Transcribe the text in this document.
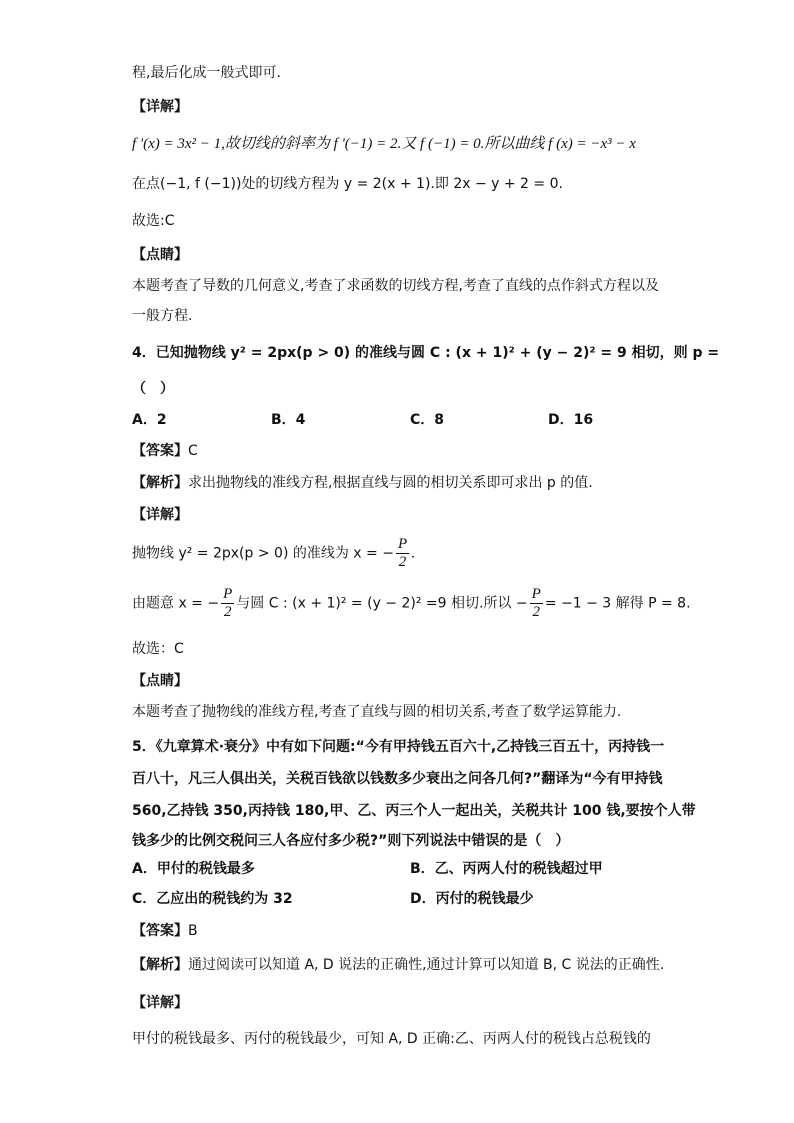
程,最后化成一般式即可.
【详解】
f '(x) = 3x² − 1,故切线的斜率为 f '(−1) = 2.又 f (−1) = 0.所以曲线 f (x) = −x³ − x
在点(−1, f (−1))处的切线方程为 y = 2(x + 1).即 2x − y + 2 = 0.
故选:C
【点睛】
本题考查了导数的几何意义,考查了求函数的切线方程,考查了直线的点作斜式方程以及
一般方程.
4．已知抛物线 y² = 2px(p > 0) 的准线与圆 C : (x + 1)² + (y − 2)² = 9 相切，则 p =
（　）
A．2	B．4	C．8	D．16
【答案】C
【解析】求出抛物线的准线方程,根据直线与圆的相切关系即可求出 p 的值.
【详解】
抛物线 y² = 2px(p > 0) 的准线为 x = − $\frac{P}{2}$ .
由题意 x = − $\frac{P}{2}$ 与圆 C : (x + 1)² = (y − 2)² =9 相切.所以 − $\frac{P}{2} = -1 - 3$ 解得 P = 8.
故选：C
【点睛】
本题考查了抛物线的准线方程,考查了直线与圆的相切关系,考查了数学运算能力.
5．《九章算术·衰分》中有如下问题:“今有甲持钱五百六十,乙持钱三百五十，丙持钱一
百八十，凡三人俱出关，关税百钱欲以钱数多少衰出之问各几何?”翻译为“今有甲持钱
560,乙持钱 350,丙持钱 180,甲、乙、丙三个人一起出关，关税共计 100 钱,要按个人带
钱多少的比例交税问三人各应付多少税?”则下列说法中错误的是（　）
A．甲付的税钱最多	B．乙、丙两人付的税钱超过甲
C．乙应出的税钱约为 32	D．丙付的税钱最少
【答案】B
【解析】通过阅读可以知道 A, D 说法的正确性,通过计算可以知道 B, C 说法的正确性.
【详解】
甲付的税钱最多、丙付的税钱最少，可知 A, D 正确:乙、丙两人付的税钱占总税钱的
